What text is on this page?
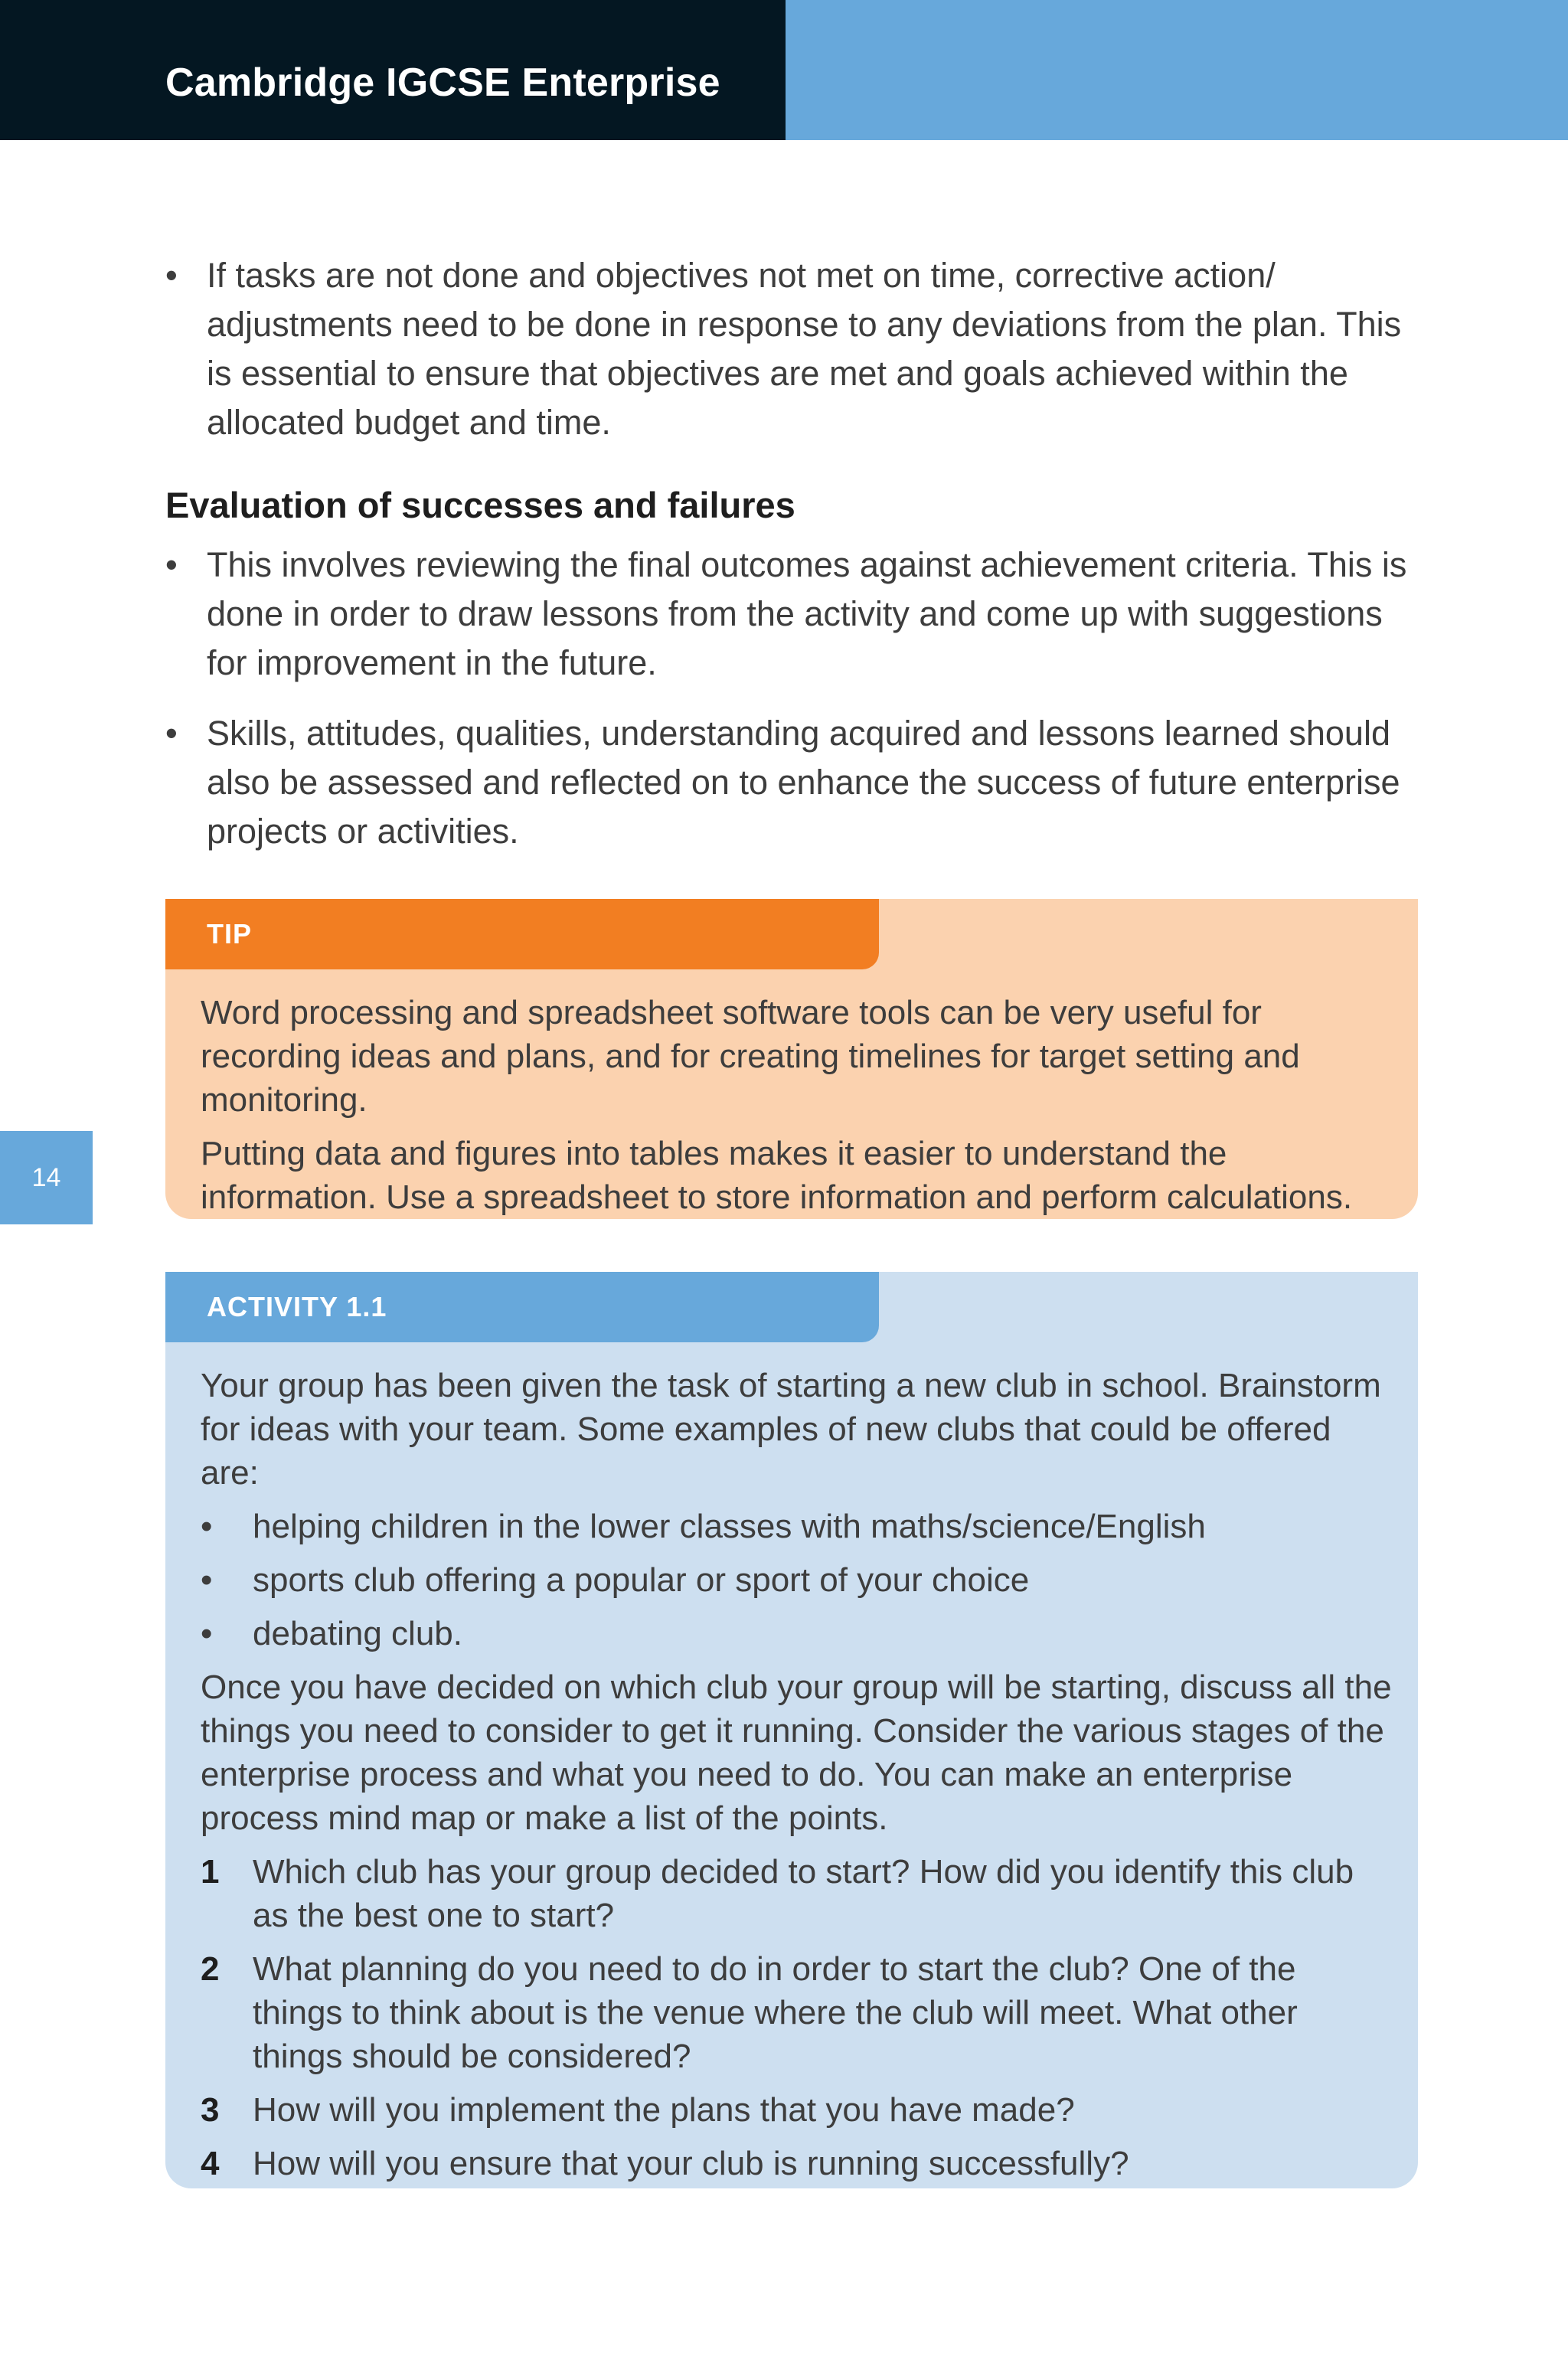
Cambridge IGCSE Enterprise
• If tasks are not done and objectives not met on time, corrective action/ adjustments need to be done in response to any deviations from the plan. This is essential to ensure that objectives are met and goals achieved within the allocated budget and time.
Evaluation of successes and failures
• This involves reviewing the final outcomes against achievement criteria. This is done in order to draw lessons from the activity and come up with suggestions for improvement in the future.
• Skills, attitudes, qualities, understanding acquired and lessons learned should also be assessed and reflected on to enhance the success of future enterprise projects or activities.
14
TIP
Word processing and spreadsheet software tools can be very useful for recording ideas and plans, and for creating timelines for target setting and monitoring.
Putting data and figures into tables makes it easier to understand the information. Use a spreadsheet to store information and perform calculations.
ACTIVITY 1.1
Your group has been given the task of starting a new club in school. Brainstorm for ideas with your team. Some examples of new clubs that could be offered are:
• helping children in the lower classes with maths/science/English
• sports club offering a popular or sport of your choice
• debating club.
Once you have decided on which club your group will be starting, discuss all the things you need to consider to get it running. Consider the various stages of the enterprise process and what you need to do. You can make an enterprise process mind map or make a list of the points.
1 Which club has your group decided to start? How did you identify this club as the best one to start?
2 What planning do you need to do in order to start the club? One of the things to think about is the venue where the club will meet. What other things should be considered?
3 How will you implement the plans that you have made?
4 How will you ensure that your club is running successfully?
